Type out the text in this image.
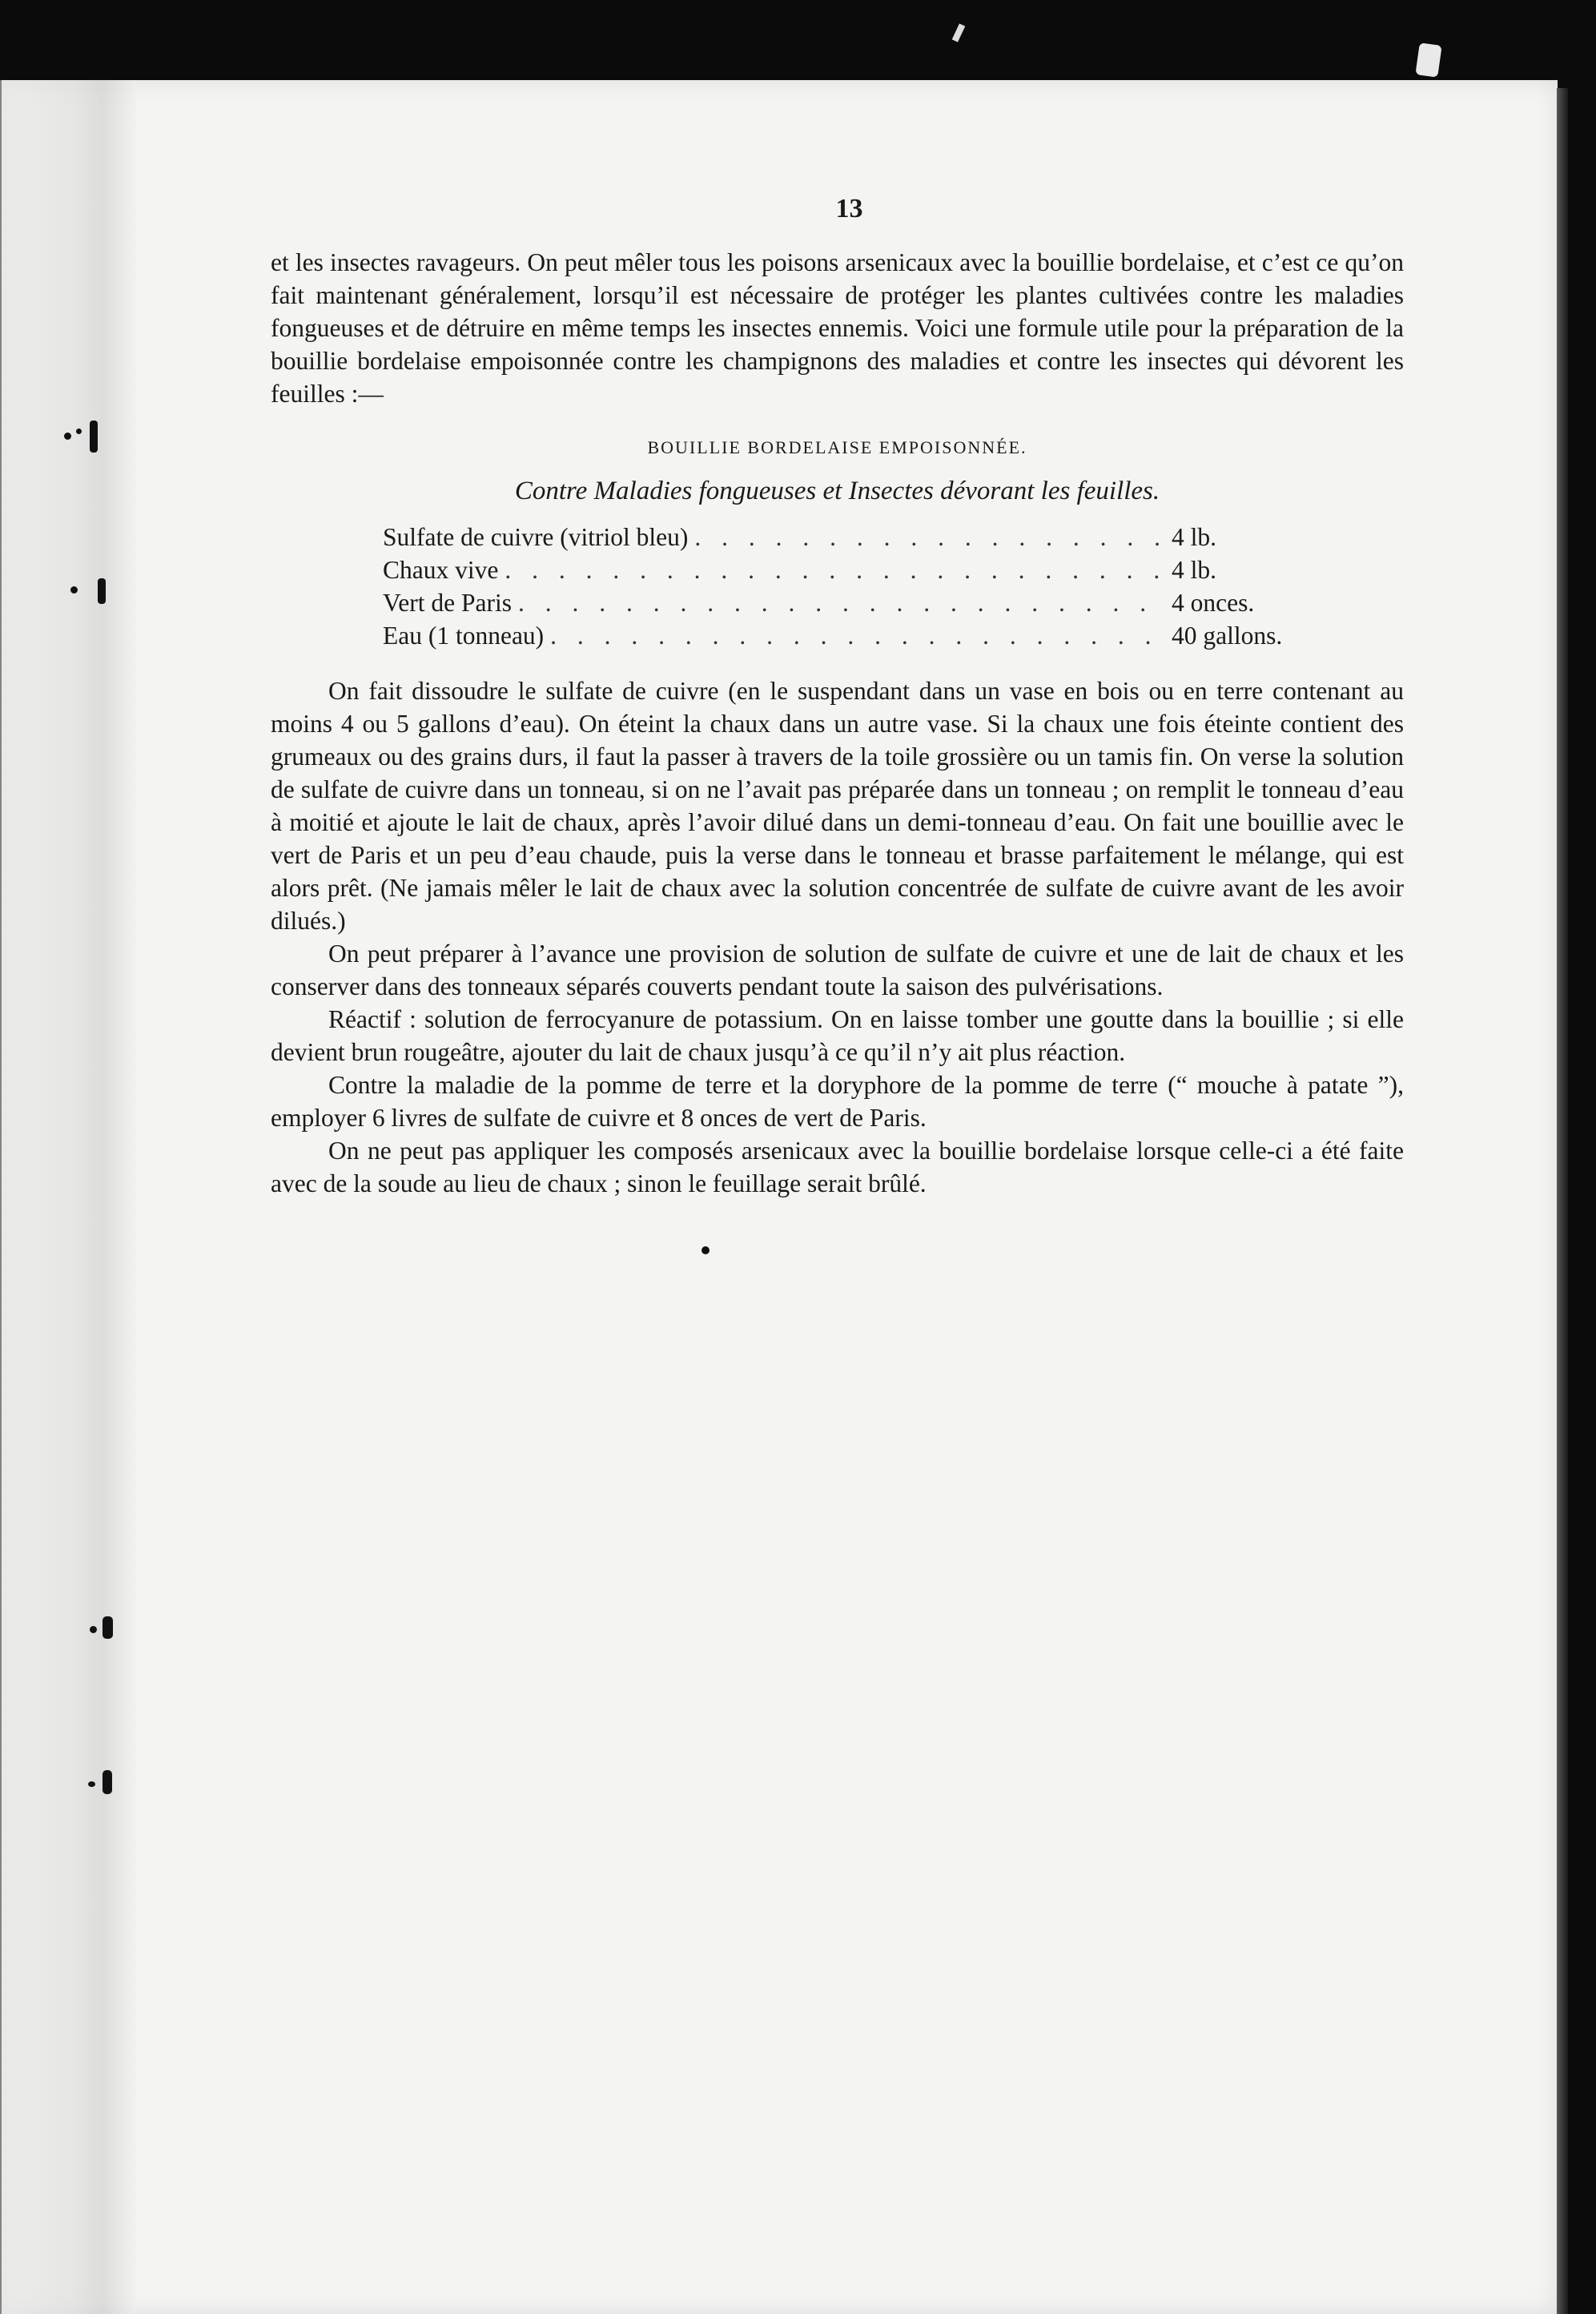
13

et les insectes ravageurs. On peut mêler tous les poisons arsenicaux avec la bouillie bordelaise, et c’est ce qu’on fait maintenant généralement, lorsqu’il est nécessaire de protéger les plantes cultivées contre les maladies fongueuses et de détruire en même temps les insectes ennemis. Voici une formule utile pour la préparation de la bouillie bordelaise empoisonnée contre les champignons des maladies et contre les insectes qui dévorent les feuilles :—

BOUILLIE BORDELAISE EMPOISONNÉE.
Contre Maladies fongueuses et Insectes dévorant les feuilles.
Sulfate de cuivre (vitriol bleu) . . .	4 lb.
Chaux vive . . .	4 lb.
Vert de Paris . . .	4 onces.
Eau (1 tonneau) . . .	40 gallons.

On fait dissoudre le sulfate de cuivre (en le suspendant dans un vase en bois ou en terre contenant au moins 4 ou 5 gallons d’eau). On éteint la chaux dans un autre vase. Si la chaux une fois éteinte contient des grumeaux ou des grains durs, il faut la passer à travers de la toile grossière ou un tamis fin. On verse la solution de sulfate de cuivre dans un tonneau, si on ne l’avait pas préparée dans un tonneau ; on remplit le tonneau d’eau à moitié et ajoute le lait de chaux, après l’avoir dilué dans un demi-tonneau d’eau. On fait une bouillie avec le vert de Paris et un peu d’eau chaude, puis la verse dans le tonneau et brasse parfaitement le mélange, qui est alors prêt. (Ne jamais mêler le lait de chaux avec la solution concentrée de sulfate de cuivre avant de les avoir dilués.)

On peut préparer à l’avance une provision de solution de sulfate de cuivre et une de lait de chaux et les conserver dans des tonneaux séparés couverts pendant toute la saison des pulvérisations.

Réactif : solution de ferrocyanure de potassium. On en laisse tomber une goutte dans la bouillie ; si elle devient brun rougeâtre, ajouter du lait de chaux jusqu’à ce qu’il n’y ait plus réaction.

Contre la maladie de la pomme de terre et la doryphore de la pomme de terre (“ mouche à patate ”), employer 6 livres de sulfate de cuivre et 8 onces de vert de Paris.

On ne peut pas appliquer les composés arsenicaux avec la bouillie bordelaise lorsque celle-ci a été faite avec de la soude au lieu de chaux ; sinon le feuillage serait brûlé.
